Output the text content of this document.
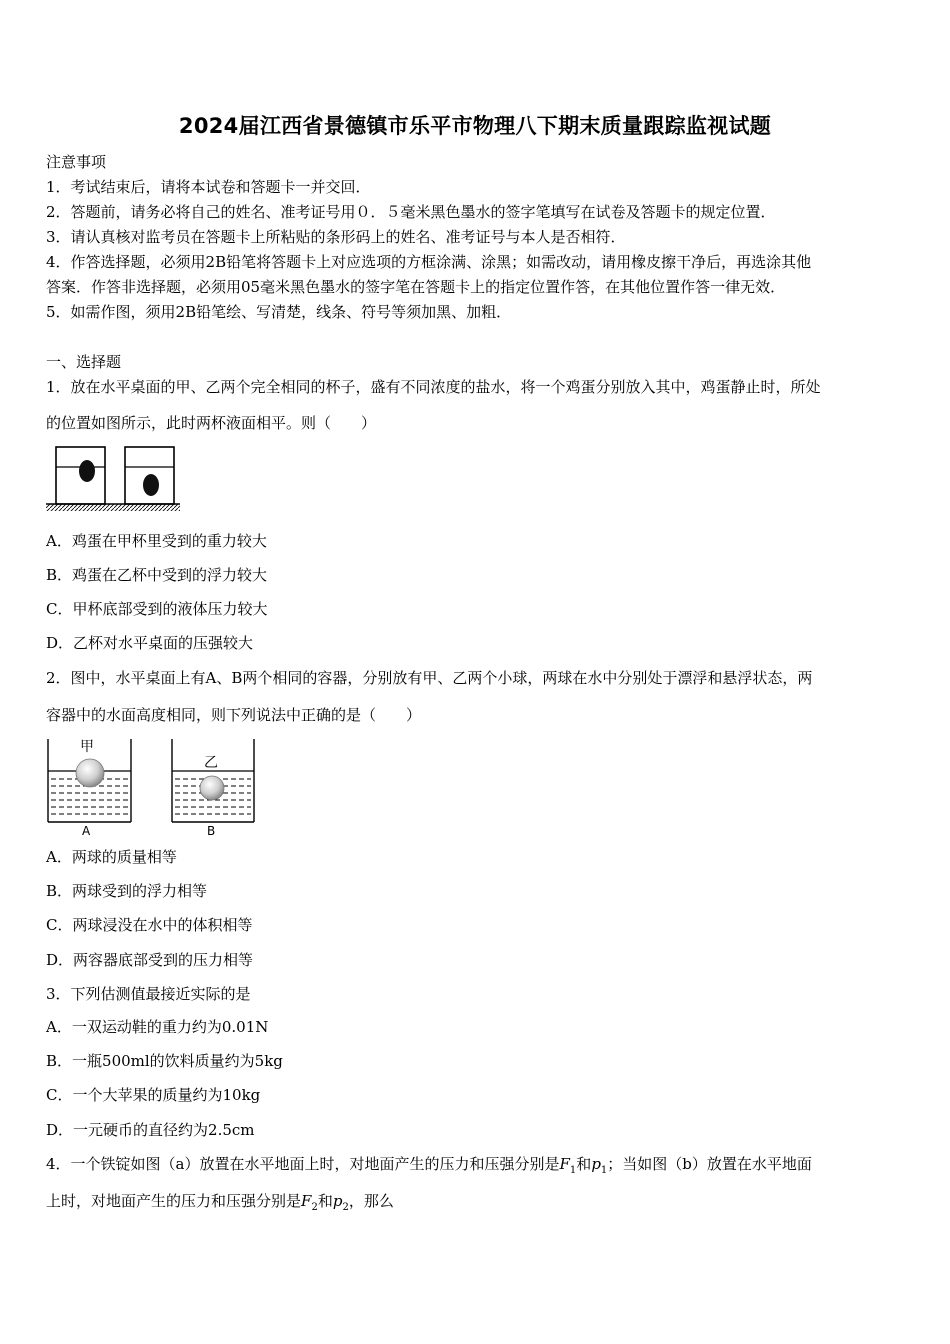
2024届江西省景德镇市乐平市物理八下期末质量跟踪监视试题
注意事项
1．考试结束后，请将本试卷和答题卡一并交回．
2．答题前，请务必将自己的姓名、准考证号用０．５毫米黑色墨水的签字笔填写在试卷及答题卡的规定位置．
3．请认真核对监考员在答题卡上所粘贴的条形码上的姓名、准考证号与本人是否相符．
4．作答选择题，必须用2B铅笔将答题卡上对应选项的方框涂满、涂黑；如需改动，请用橡皮擦干净后，再选涂其他
答案．作答非选择题，必须用05毫米黑色墨水的签字笔在答题卡上的指定位置作答，在其他位置作答一律无效．
5．如需作图，须用2B铅笔绘、写清楚，线条、符号等须加黑、加粗．
一、选择题
1．放在水平桌面的甲、乙两个完全相同的杯子，盛有不同浓度的盐水，将一个鸡蛋分别放入其中，鸡蛋静止时，所处
的位置如图所示，此时两杯液面相平。则（　　）
A．鸡蛋在甲杯里受到的重力较大
B．鸡蛋在乙杯中受到的浮力较大
C．甲杯底部受到的液体压力较大
D．乙杯对水平桌面的压强较大
2．图中，水平桌面上有A、B两个相同的容器，分别放有甲、乙两个小球，两球在水中分别处于漂浮和悬浮状态，两
容器中的水面高度相同，则下列说法中正确的是（　　）
甲
A
乙
B
A．两球的质量相等
B．两球受到的浮力相等
C．两球浸没在水中的体积相等
D．两容器底部受到的压力相等
3．下列估测值最接近实际的是
A．一双运动鞋的重力约为0.01N
B．一瓶500ml的饮料质量约为5kg
C．一个大苹果的质量约为10kg
D．一元硬币的直径约为2.5cm
4．一个铁锭如图（a）放置在水平地面上时，对地面产生的压力和压强分别是$F_1$和$p_1$；当如图（b）放置在水平地面
上时，对地面产生的压力和压强分别是$F_2$和$p_2$，那么
